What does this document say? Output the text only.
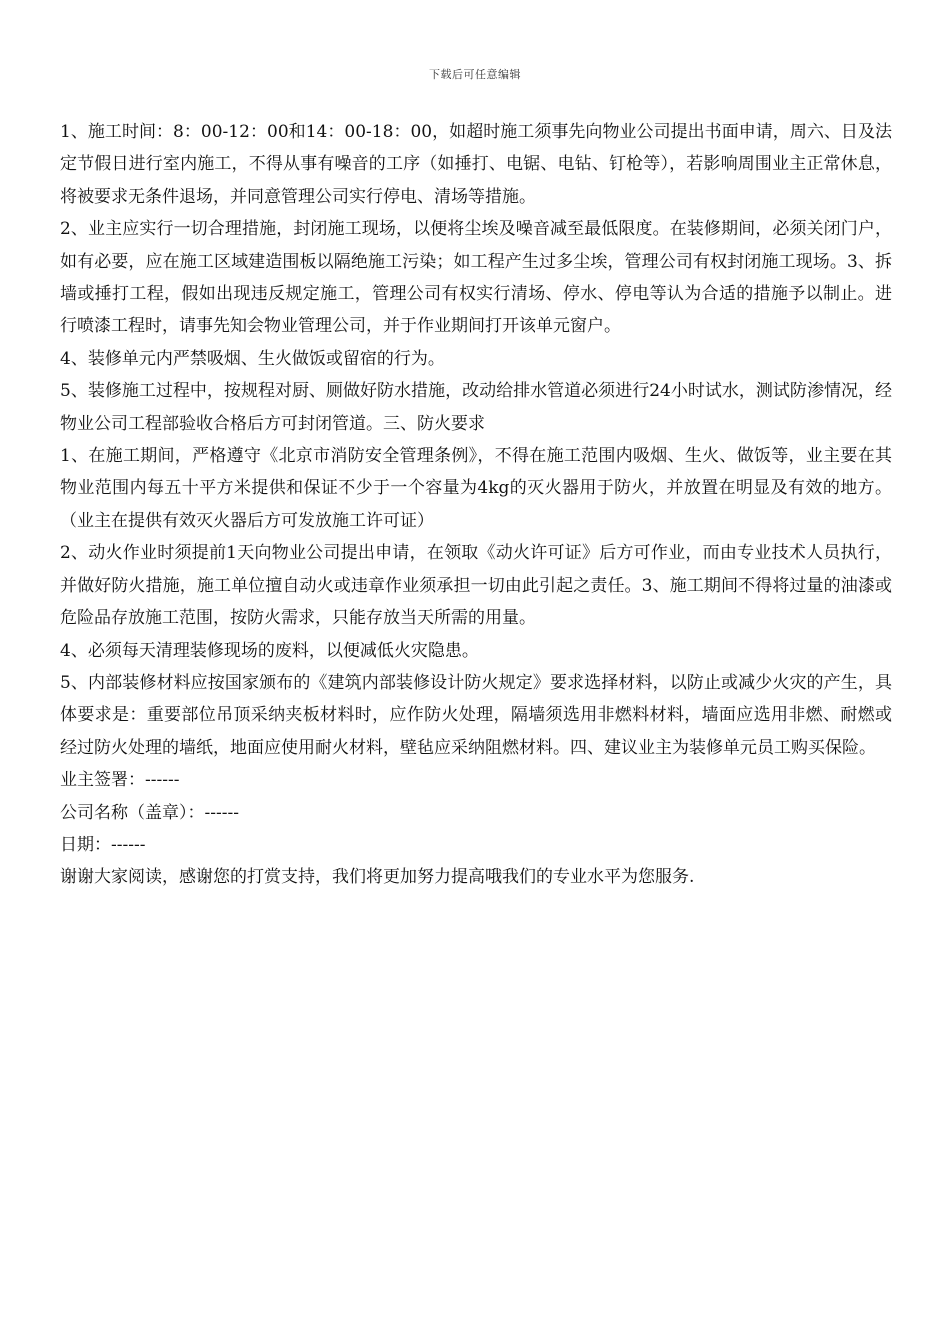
下载后可任意编辑

1、施工时间：8：00-12：00和14：00-18：00，如超时施工须事先向物业公司提出书面申请，周六、日及法定节假日进行室内施工，不得从事有噪音的工序（如捶打、电锯、电钻、钉枪等），若影响周围业主正常休息，将被要求无条件退场，并同意管理公司实行停电、清场等措施。

2、业主应实行一切合理措施，封闭施工现场，以便将尘埃及噪音减至最低限度。在装修期间，必须关闭门户，如有必要，应在施工区域建造围板以隔绝施工污染；如工程产生过多尘埃，管理公司有权封闭施工现场。3、拆墙或捶打工程，假如出现违反规定施工，管理公司有权实行清场、停水、停电等认为合适的措施予以制止。进行喷漆工程时，请事先知会物业管理公司，并于作业期间打开该单元窗户。

4、装修单元内严禁吸烟、生火做饭或留宿的行为。

5、装修施工过程中，按规程对厨、厕做好防水措施，改动给排水管道必须进行24小时试水，测试防渗情况，经物业公司工程部验收合格后方可封闭管道。三、防火要求

1、在施工期间，严格遵守《北京市消防安全管理条例》，不得在施工范围内吸烟、生火、做饭等，业主要在其物业范围内每五十平方米提供和保证不少于一个容量为4kg的灭火器用于防火，并放置在明显及有效的地方。（业主在提供有效灭火器后方可发放施工许可证）

2、动火作业时须提前1天向物业公司提出申请，在领取《动火许可证》后方可作业，而由专业技术人员执行，并做好防火措施，施工单位擅自动火或违章作业须承担一切由此引起之责任。3、施工期间不得将过量的油漆或危险品存放施工范围，按防火需求，只能存放当天所需的用量。

4、必须每天清理装修现场的废料，以便减低火灾隐患。

5、内部装修材料应按国家颁布的《建筑内部装修设计防火规定》要求选择材料，以防止或减少火灾的产生，具体要求是：重要部位吊顶采纳夹板材料时，应作防火处理，隔墙须选用非燃料材料，墙面应选用非燃、耐燃或经过防火处理的墙纸，地面应使用耐火材料，壁毡应采纳阻燃材料。四、建议业主为装修单元员工购买保险。

业主签署：------

公司名称（盖章）：------

日期：------

谢谢大家阅读，感谢您的打赏支持，我们将更加努力提高哦我们的专业水平为您服务.
